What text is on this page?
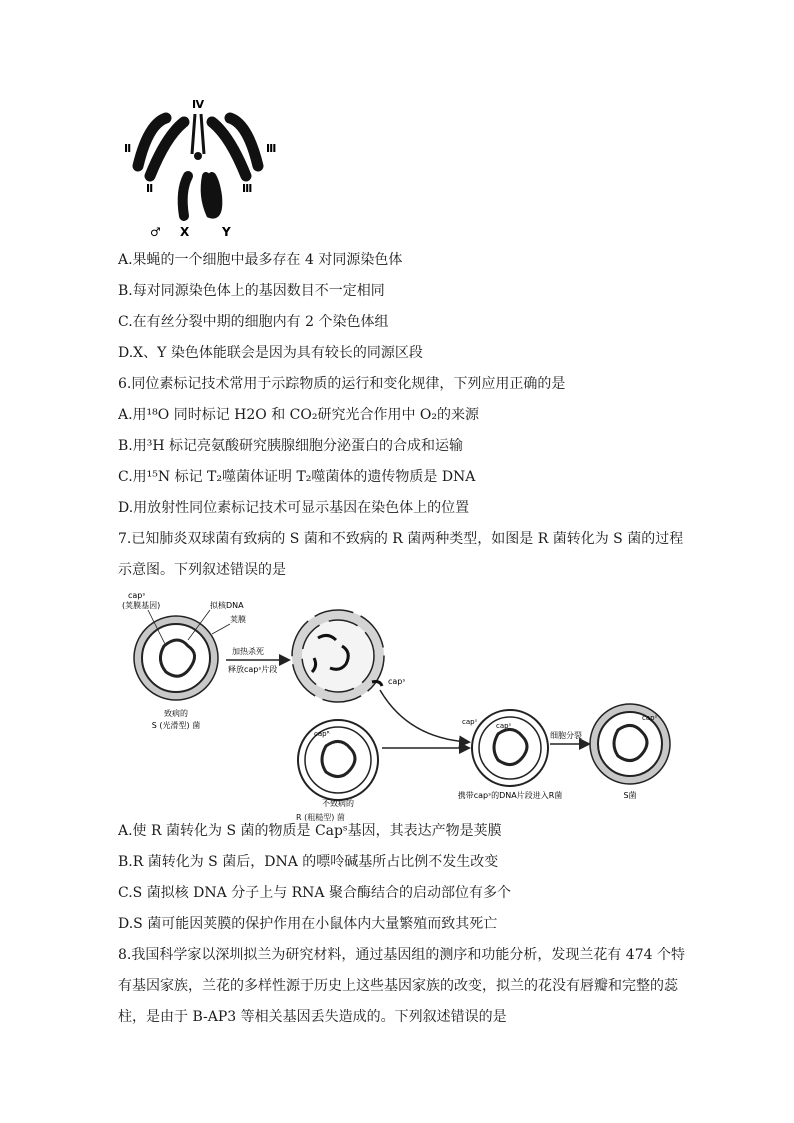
Ⅳ
Ⅱ	Ⅲ
Ⅱ	Ⅲ
♂ X	Y
A.果蝇的一个细胞中最多存在 4 对同源染色体
B.每对同源染色体上的基因数目不一定相同
C.在有丝分裂中期的细胞内有 2 个染色体组
D.X、Y 染色体能联会是因为具有较长的同源区段
6.同位素标记技术常用于示踪物质的运行和变化规律，下列应用正确的是
A.用¹⁸O 同时标记 H2O 和 CO₂研究光合作用中 O₂的来源
B.用³H 标记亮氨酸研究胰腺细胞分泌蛋白的合成和运输
C.用¹⁵N 标记 T₂噬菌体证明 T₂噬菌体的遗传物质是 DNA
D.用放射性同位素标记技术可显示基因在染色体上的位置
7.已知肺炎双球菌有致病的 S 菌和不致病的 R 菌两种类型，如图是 R 菌转化为 S 菌的过程
示意图。下列叙述错误的是
capˢ
(荚膜基因)	拟核DNA
荚膜
致病的
S (光滑型) 菌
加热杀死
释放capˢ片段
capˢ
capᴿ
不致病的
capˢ	capˢ
携带capˢ的DNA片段进入R菌
细胞分裂
capˢ
S菌
R (粗糙型) 菌
A.使 R 菌转化为 S 菌的物质是 Capˢ基因，其表达产物是荚膜
B.R 菌转化为 S 菌后，DNA 的嘌呤碱基所占比例不发生改变
C.S 菌拟核 DNA 分子上与 RNA 聚合酶结合的启动部位有多个
D.S 菌可能因荚膜的保护作用在小鼠体内大量繁殖而致其死亡
8.我国科学家以深圳拟兰为研究材料，通过基因组的测序和功能分析，发现兰花有 474 个特
有基因家族，兰花的多样性源于历史上这些基因家族的改变，拟兰的花没有唇瓣和完整的蕊
柱，是由于 B-AP3 等相关基因丢失造成的。下列叙述错误的是
